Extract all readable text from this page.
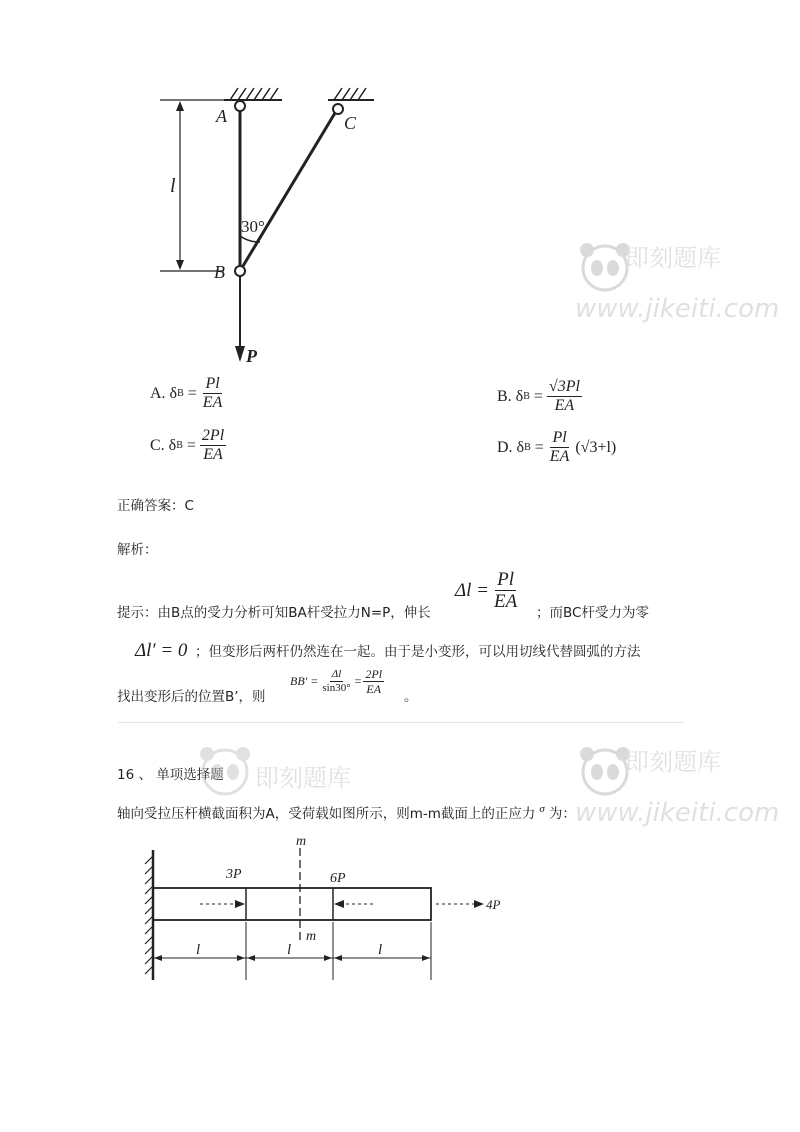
A	C
B
l
30°
P
A. δ $B = \frac{Pl}{EA}$
C. δ $B = \frac{2Pl}{EA}$
B. δ $B = \frac{√3Pl}{EA}$
D. δ $B = \frac{Pl}{EA} (√3+l)$
正确答案：C
解析：
提示：由B点的受力分析可知BA杆受拉力N=P，伸长
$\Delta l = \frac{Pl}{EA}$
；而BC杆受力为零
Δl′ = 0 ；但变形后两杆仍然连在一起。由于是小变形，可以用切线代替圆弧的方法
找出变形后的位置B’，则
$BB' = \frac{\Delta l}{\sin 30^\circ} = \frac{2Pl}{EA}$
。
16 、 单项选择题
轴向受拉压杆横截面积为A，受荷载如图所示，则m-m截面上的正应力 $^\sigma$ 为：
m
m
3P	6P
4P
l	l	l
即刻题库
www.jikeiti.com
即刻题库
即刻题库
www.jikeiti.com
